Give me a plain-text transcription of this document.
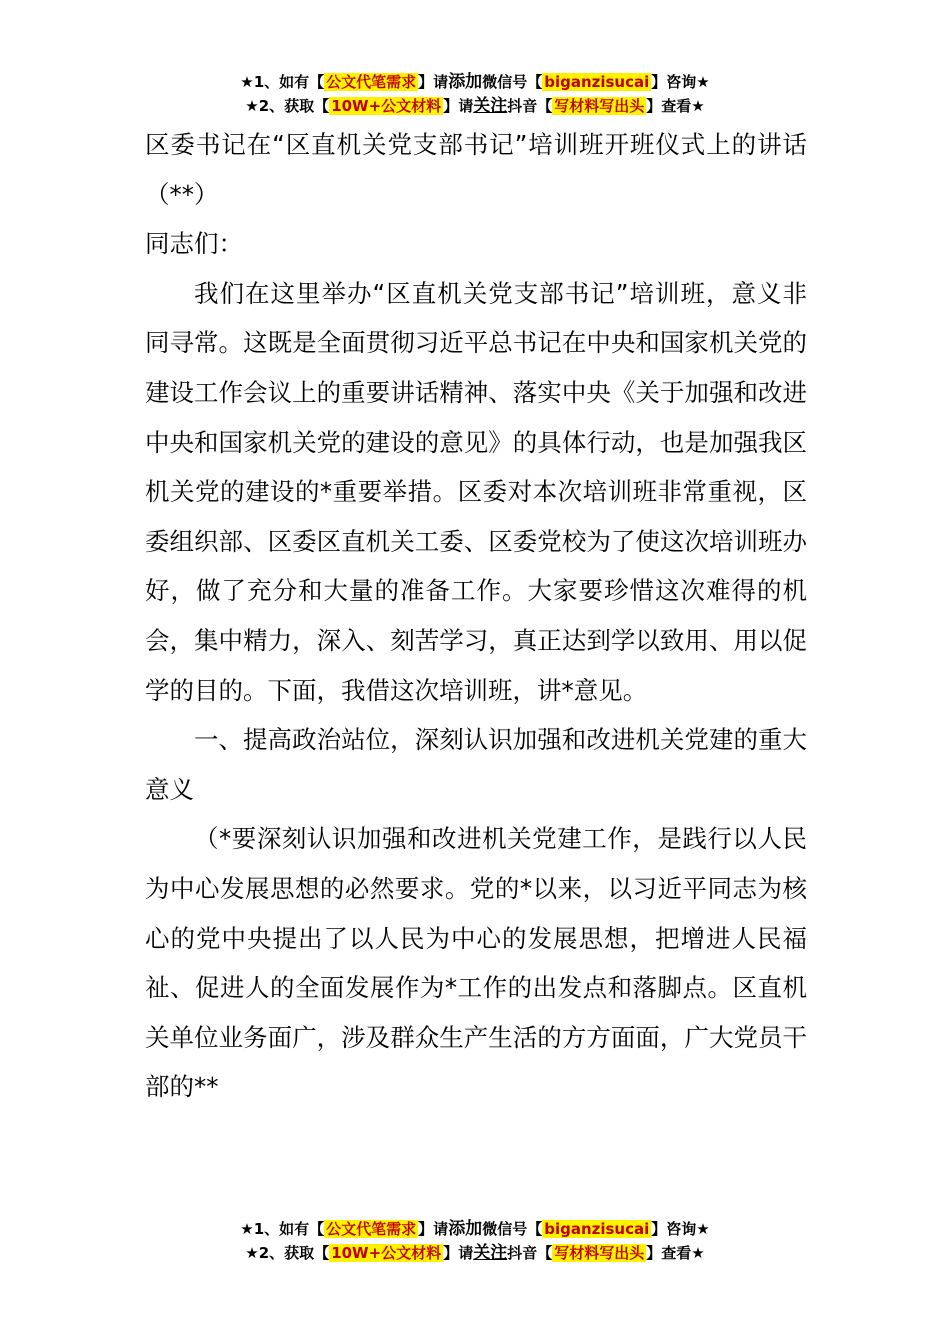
★1、如有【 公文代笔需求 】请添加微信号【 biganzisucai 】咨询★
★2、获取【 10W+公文材料 】请关注抖音【 写材料写出头 】查看★

区委书记在“区直机关党支部书记”培训班开班仪式上的讲话（**）

同志们：

我们在这里举办“区直机关党支部书记”培训班，意义非同寻常。这既是全面贯彻习近平总书记在中央和国家机关党的建设工作会议上的重要讲话精神、落实中央《关于加强和改进中央和国家机关党的建设的意见》的具体行动，也是加强我区机关党的建设的*重要举措。区委对本次培训班非常重视，区委组织部、区委区直机关工委、区委党校为了使这次培训班办好，做了充分和大量的准备工作。大家要珍惜这次难得的机会，集中精力，深入、刻苦学习，真正达到学以致用、用以促学的目的。下面，我借这次培训班，讲*意见。

一、提高政治站位，深刻认识加强和改进机关党建的重大意义

（*要深刻认识加强和改进机关党建工作，是践行以人民为中心发展思想的必然要求。党的*以来，以习近平同志为核心的党中央提出了以人民为中心的发展思想，把增进人民福祉、促进人的全面发展作为*工作的出发点和落脚点。区直机关单位业务面广，涉及群众生产生活的方方面面，广大党员干部的**

★1、如有【 公文代笔需求 】请添加微信号【 biganzisucai 】咨询★
★2、获取【 10W+公文材料 】请关注抖音【 写材料写出头 】查看★
